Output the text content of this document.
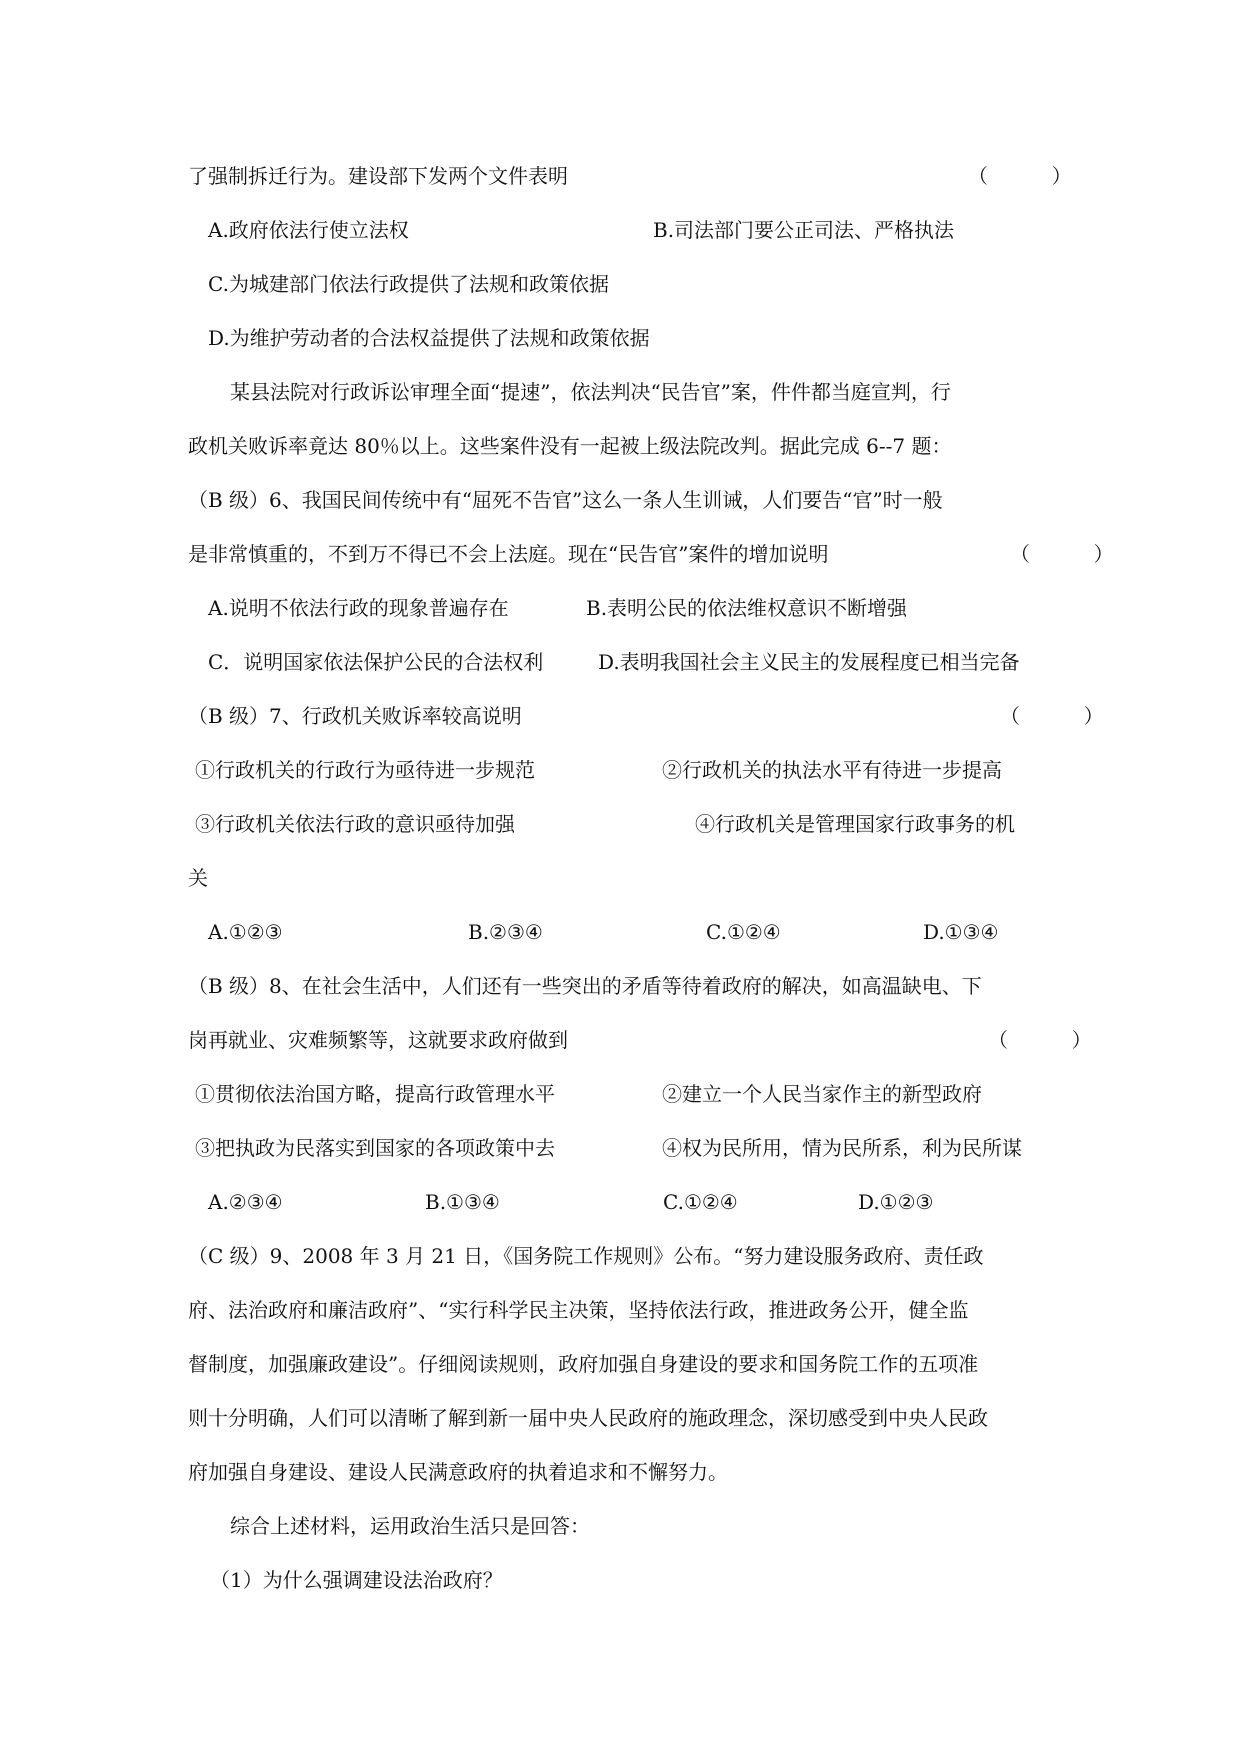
了强制拆迁行为。建设部下发两个文件表明	（          ）
A.政府依法行使立法权	B.司法部门要公正司法、严格执法
C.为城建部门依法行政提供了法规和政策依据
D.为维护劳动者的合法权益提供了法规和政策依据
某县法院对行政诉讼审理全面“提速”，依法判决“民告官”案，件件都当庭宣判，行
政机关败诉率竟达 80％以上。这些案件没有一起被上级法院改判。据此完成 6--7 题：
（B 级）6、我国民间传统中有“屈死不告官”这么一条人生训诫，人们要告“官”时一般
是非常慎重的，不到万不得已不会上法庭。现在“民告官”案件的增加说明	（          ）
A.说明不依法行政的现象普遍存在	B.表明公民的依法维权意识不断增强
C．说明国家依法保护公民的合法权利	D.表明我国社会主义民主的发展程度已相当完备
（B 级）7、行政机关败诉率较高说明	（          ）
①行政机关的行政行为亟待进一步规范	②行政机关的执法水平有待进一步提高
③行政机关依法行政的意识亟待加强	④行政机关是管理国家行政事务的机
关
A.①②③	B.②③④	C.①②④	D.①③④
（B 级）8、在社会生活中，人们还有一些突出的矛盾等待着政府的解决，如高温缺电、下
岗再就业、灾难频繁等，这就要求政府做到	（          ）
①贯彻依法治国方略，提高行政管理水平	②建立一个人民当家作主的新型政府
③把执政为民落实到国家的各项政策中去	④权为民所用，情为民所系，利为民所谋
A.②③④	B.①③④	C.①②④	D.①②③
（C 级）9、2008 年 3 月 21 日，《国务院工作规则》公布。“努力建设服务政府、责任政
府、法治政府和廉洁政府”、“实行科学民主决策，坚持依法行政，推进政务公开，健全监
督制度，加强廉政建设”。仔细阅读规则，政府加强自身建设的要求和国务院工作的五项准
则十分明确，人们可以清晰了解到新一届中央人民政府的施政理念，深切感受到中央人民政
府加强自身建设、建设人民满意政府的执着追求和不懈努力。
综合上述材料，运用政治生活只是回答：
（1）为什么强调建设法治政府？
